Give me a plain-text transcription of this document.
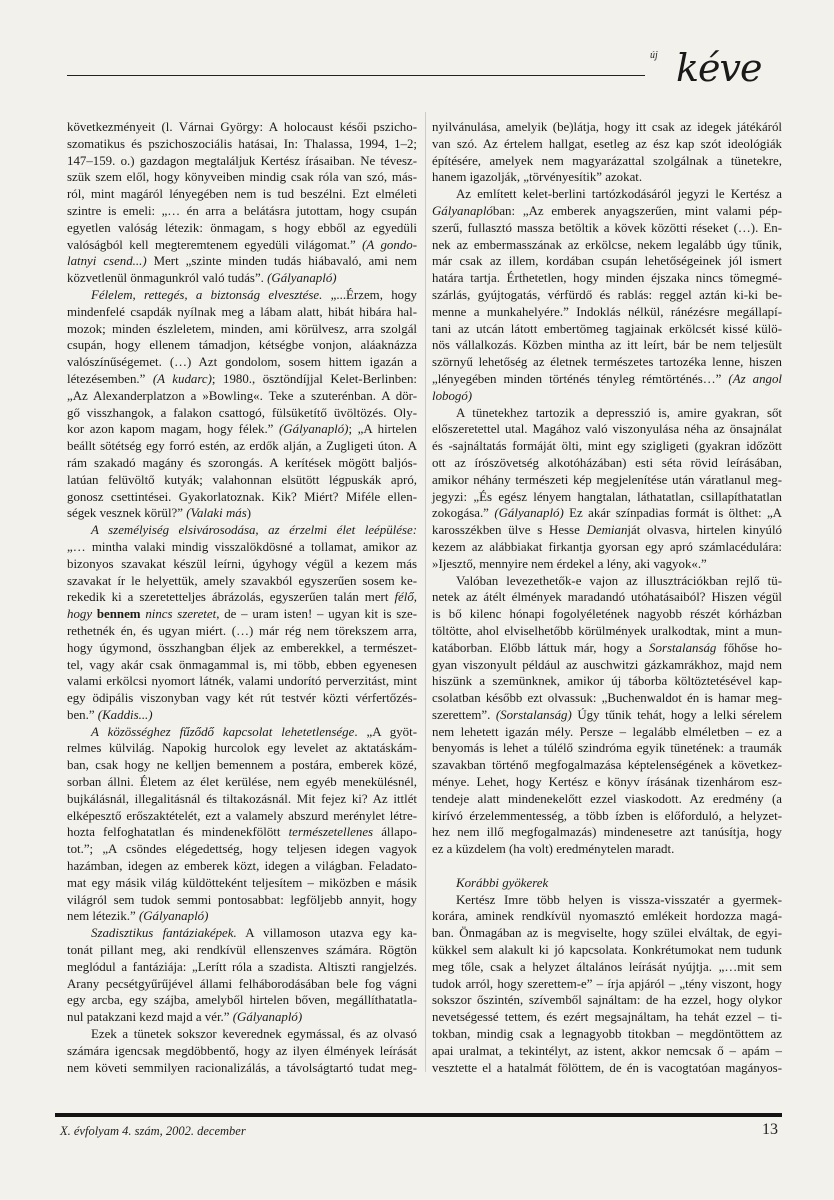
új kéve
következményeit (l. Várnai György: A holocaust késői pszicho-
szomatikus és pszichoszociális hatásai, In: Thalassa, 1994, 1–2;
147–159. o.) gazdagon megtaláljuk Kertész írásaiban. Ne tévesz-
szük szem elől, hogy könyveiben mindig csak róla van szó, más-
ról, mint magáról lényegében nem is tud beszélni. Ezt elméleti
szintre is emeli: „… én arra a belátásra jutottam, hogy csupán
egyetlen valóság létezik: önmagam, s hogy ebből az egyedüli
valóságból kell megteremtenem egyedüli világomat.” (A gondo-
latnyi csend...) Mert „szinte minden tudás hiábavaló, ami nem
közvetlenül önmagunkról való tudás”. (Gályanapló)
Félelem, rettegés, a biztonság elvesztése. „...Érzem, hogy
mindenfelé csapdák nyílnak meg a lábam alatt, hibát hibára hal-
mozok; minden észleletem, minden, ami körülvesz, arra szolgál
csupán, hogy ellenem támadjon, kétségbe vonjon, aláaknázza
valószínűségemet. (…) Azt gondolom, sosem hittem igazán a
létezésemben.” (A kudarc); 1980., ösztöndíjjal Kelet-Berlinben:
„Az Alexanderplatzon a »Bowling«. Teke a szuterénban. A dör-
gő visszhangok, a falakon csattogó, fülsüketítő üvöltözés. Oly-
kor azon kapom magam, hogy félek.” (Gályanapló); „A hirtelen
beállt sötétség egy forró estén, az erdők alján, a Zugligeti úton. A
rám szakadó magány és szorongás. A kerítések mögött baljós-
latúan felüvöltő kutyák; valahonnan elsütött légpuskák apró,
gonosz csettintései. Gyakorlatoznak. Kik? Miért? Miféle ellen-
ségek vesznek körül?” (Valaki más)
A személyiség elsivárosodása, az érzelmi élet leépülése:
„… mintha valaki mindig visszalökdösné a tollamat, amikor az
bizonyos szavakat készül leírni, úgyhogy végül a kezem más
szavakat ír le helyettük, amely szavakból egyszerűen sosem ke-
rekedik ki a szeretetteljes ábrázolás, egyszerűen talán mert félő,
hogy bennem nincs szeretet, de – uram isten! – ugyan kit is sze-
rethetnék én, és ugyan miért. (…) már rég nem törekszem arra,
hogy úgymond, összhangban éljek az emberekkel, a természet-
tel, vagy akár csak önmagammal is, mi több, ebben egyenesen
valami erkölcsi nyomort látnék, valami undorító perverzitást, mint
egy ödipális viszonyban vagy két rút testvér közti vérfertőzés-
ben.” (Kaddis...)
A közösséghez fűződő kapcsolat lehetetlensége. „A gyöt-
relmes külvilág. Napokig hurcolok egy levelet az aktatáskám-
ban, csak hogy ne kelljen bemennem a postára, emberek közé,
sorban állni. Életem az élet kerülése, nem egyéb menekülésnél,
bujkálásnál, illegalitásnál és tiltakozásnál. Mit fejez ki? Az ittlét
elképesztő erőszaktételét, ezt a valamely abszurd merénylet létre-
hozta felfoghatatlan és mindenekfölött természetellenes állapo-
tot.”; „A csöndes elégedettség, hogy teljesen idegen vagyok
hazámban, idegen az emberek közt, idegen a világban. Feladato-
mat egy másik világ küldötteként teljesítem – miközben e másik
világról sem tudok semmi pontosabbat: legföljebb annyit, hogy
nem létezik.” (Gályanapló)
Szadisztikus fantáziaképek. A villamoson utazva egy ka-
tonát pillant meg, aki rendkívül ellenszenves számára. Rögtön
meglódul a fantáziája: „Lerítt róla a szadista. Altiszti rangjelzés.
Arany pecsétgyűrűjével állami felháborodásában bele fog vágni
egy arcba, egy szájba, amelyből hirtelen bőven, megállíthatatla-
nul patakzani kezd majd a vér.” (Gályanapló)
Ezek a tünetek sokszor keverednek egymással, és az olvasó
számára igencsak megdöbbentő, hogy az ilyen élmények leírását
nem követi semmilyen racionalizálás, a távolságtartó tudat meg-
nyilvánulása, amelyik (be)látja, hogy itt csak az idegek játékáról
van szó. Az értelem hallgat, esetleg az ész kap szót ideológiák
építésére, amelyek nem magyarázattal szolgálnak a tünetekre,
hanem igazolják, „törvényesítik” azokat.
Az említett kelet-berlini tartózkodásáról jegyzi le Kertész a
Gályanaplóban: „Az emberek anyagszerűen, mint valami pép-
szerű, fullasztó massza betöltik a kövek közötti réseket (…). En-
nek az embermasszának az erkölcse, nekem legalább úgy tűnik,
már csak az illem, kordában csupán lehetőségeinek jól ismert
határa tartja. Érthetetlen, hogy minden éjszaka nincs tömegmé-
szárlás, gyújtogatás, vérfürdő és rablás: reggel aztán ki-ki be-
menne a munkahelyére.” Indoklás nélkül, ránézésre megállapí-
tani az utcán látott embertömeg tagjainak erkölcsét kissé külö-
nös vállalkozás. Közben mintha az itt leírt, bár be nem teljesült
szörnyű lehetőség az életnek természetes tartozéka lenne, hiszen
„lényegében minden történés tényleg rémtörténés…” (Az angol
lobogó)
A tünetekhez tartozik a depresszió is, amire gyakran, sőt
előszeretettel utal. Magához való viszonyulása néha az önsajnálat
és -sajnáltatás formáját ölti, mint egy szigligeti (gyakran időzött
ott az írószövetség alkotóházában) esti séta rövid leírásában,
amikor néhány természeti kép megjelenítése után váratlanul meg-
jegyzi: „És egész lényem hangtalan, láthatatlan, csillapíthatatlan
zokogása.” (Gályanapló) Ez akár színpadias formát is ölthet: „A
karosszékben ülve s Hesse Demianját olvasva, hirtelen kinyúló
kezem az alábbiakat firkantja gyorsan egy apró számlacédulára:
»Ijesztő, mennyire nem érdekel a lény, aki vagyok«.”
Valóban levezethetők-e vajon az illusztrációkban rejlő tü-
netek az átélt élmények maradandó utóhatásaiból? Hiszen végül
is bő kilenc hónapi fogolyéletének nagyobb részét kórházban
töltötte, ahol elviselhetőbb körülmények uralkodtak, mint a mun-
katáborban. Előbb láttuk már, hogy a Sorstalanság főhőse ho-
gyan viszonyult például az auschwitzi gázkamrákhoz, majd nem
hiszünk a szemünknek, amikor új táborba költöztetésével kap-
csolatban később ezt olvassuk: „Buchenwaldot én is hamar meg-
szerettem”. (Sorstalanság) Úgy tűnik tehát, hogy a lelki sérelem
nem lehetett igazán mély. Persze – legalább elméletben – ez a
benyomás is lehet a túlélő szindróma egyik tünetének: a traumák
szavakban történő megfogalmazása képtelenségének a következ-
ménye. Lehet, hogy Kertész e könyv írásának tizenhárom esz-
tendeje alatt mindenekelőtt ezzel viaskodott. Az eredmény (a
kirívó érzelemmentesség, a több ízben is előforduló, a helyzet-
hez nem illő megfogalmazás) mindenesetre azt tanúsítja, hogy
ez a küzdelem (ha volt) eredménytelen maradt.
Korábbi gyökerek
Kertész Imre több helyen is vissza-visszatér a gyermek-
korára, aminek rendkívül nyomasztó emlékeit hordozza magá-
ban. Önmagában az is megviselte, hogy szülei elváltak, de egyi-
kükkel sem alakult ki jó kapcsolata. Konkrétumokat nem tudunk
meg tőle, csak a helyzet általános leírását nyújtja. „…mit sem
tudok arról, hogy szerettem-e” – írja apjáról – „tény viszont, hogy
sokszor őszintén, szívemből sajnáltam: de ha ezzel, hogy olykor
nevetségessé tettem, és ezért megsajnáltam, ha tehát ezzel – ti-
tokban, mindig csak a legnagyobb titokban – megdöntöttem az
apai uralmat, a tekintélyt, az istent, akkor nemcsak ő – apám –
vesztette el a hatalmát fölöttem, de én is vacogtatóan magányos-
X. évfolyam 4. szám, 2002. december	13
